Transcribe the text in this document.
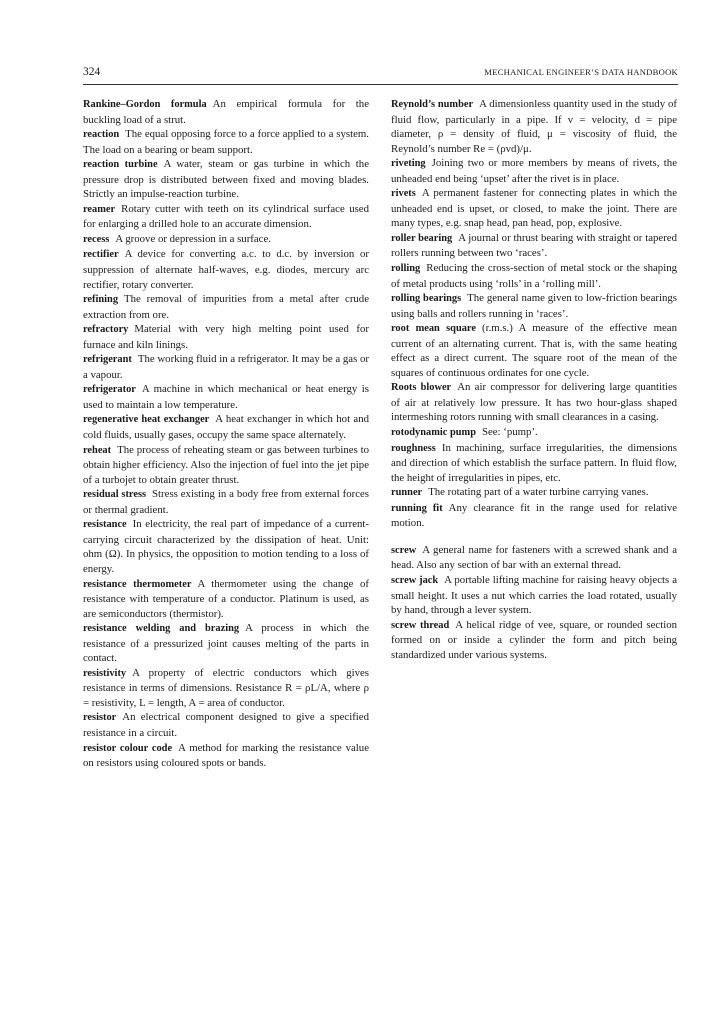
324	MECHANICAL ENGINEER’S DATA HANDBOOK

Rankine–Gordon formula An empirical formula for the buckling load of a strut.

reaction The equal opposing force to a force applied to a system. The load on a bearing or beam support.

reaction turbine A water, steam or gas turbine in which the pressure drop is distributed between fixed and moving blades. Strictly an impulse-reaction turbine.

reamer Rotary cutter with teeth on its cylindrical surface used for enlarging a drilled hole to an accurate dimension.

recess A groove or depression in a surface.

rectifier A device for converting a.c. to d.c. by inversion or suppression of alternate half-waves, e.g. diodes, mercury arc rectifier, rotary converter.

refining The removal of impurities from a metal after crude extraction from ore.

refractory Material with very high melting point used for furnace and kiln linings.

refrigerant The working fluid in a refrigerator. It may be a gas or a vapour.

refrigerator A machine in which mechanical or heat energy is used to maintain a low temperature.

regenerative heat exchanger A heat exchanger in which hot and cold fluids, usually gases, occupy the same space alternately.

reheat The process of reheating steam or gas between turbines to obtain higher efficiency. Also the injection of fuel into the jet pipe of a turbojet to obtain greater thrust.

residual stress Stress existing in a body free from external forces or thermal gradient.

resistance In electricity, the real part of impedance of a current-carrying circuit characterized by the dissipation of heat. Unit: ohm (Ω). In physics, the opposition to motion tending to a loss of energy.

resistance thermometer A thermometer using the change of resistance with temperature of a conductor. Platinum is used, as are semiconductors (thermistor).

resistance welding and brazing A process in which the resistance of a pressurized joint causes melting of the parts in contact.

resistivity A property of electric conductors which gives resistance in terms of dimensions. Resistance R = ρL/A, where ρ = resistivity, L = length, A = area of conductor.

resistor An electrical component designed to give a specified resistance in a circuit.

resistor colour code A method for marking the resistance value on resistors using coloured spots or bands.

Reynold’s number A dimensionless quantity used in the study of fluid flow, particularly in a pipe. If v = velocity, d = pipe diameter, ρ = density of fluid, μ = viscosity of fluid, the Reynold’s number Re = (ρvd)/μ.

riveting Joining two or more members by means of rivets, the unheaded end being ‘upset’ after the rivet is in place.

rivets A permanent fastener for connecting plates in which the unheaded end is upset, or closed, to make the joint. There are many types, e.g. snap head, pan head, pop, explosive.

roller bearing A journal or thrust bearing with straight or tapered rollers running between two ‘races’.

rolling Reducing the cross-section of metal stock or the shaping of metal products using ‘rolls’ in a ‘rolling mill’.

rolling bearings The general name given to low-friction bearings using balls and rollers running in ‘races’.

root mean square (r.m.s.) A measure of the effective mean current of an alternating current. That is, with the same heating effect as a direct current. The square root of the mean of the squares of continuous ordinates for one cycle.

Roots blower An air compressor for delivering large quantities of air at relatively low pressure. It has two hour-glass shaped intermeshing rotors running with small clearances in a casing.

rotodynamic pump See: ‘pump’.

roughness In machining, surface irregularities, the dimensions and direction of which establish the surface pattern. In fluid flow, the height of irregularities in pipes, etc.

runner The rotating part of a water turbine carrying vanes.

running fit Any clearance fit in the range used for relative motion.

screw A general name for fasteners with a screwed shank and a head. Also any section of bar with an external thread.

screw jack A portable lifting machine for raising heavy objects a small height. It uses a nut which carries the load rotated, usually by hand, through a lever system.

screw thread A helical ridge of vee, square, or rounded section formed on or inside a cylinder the form and pitch being standardized under various systems.
